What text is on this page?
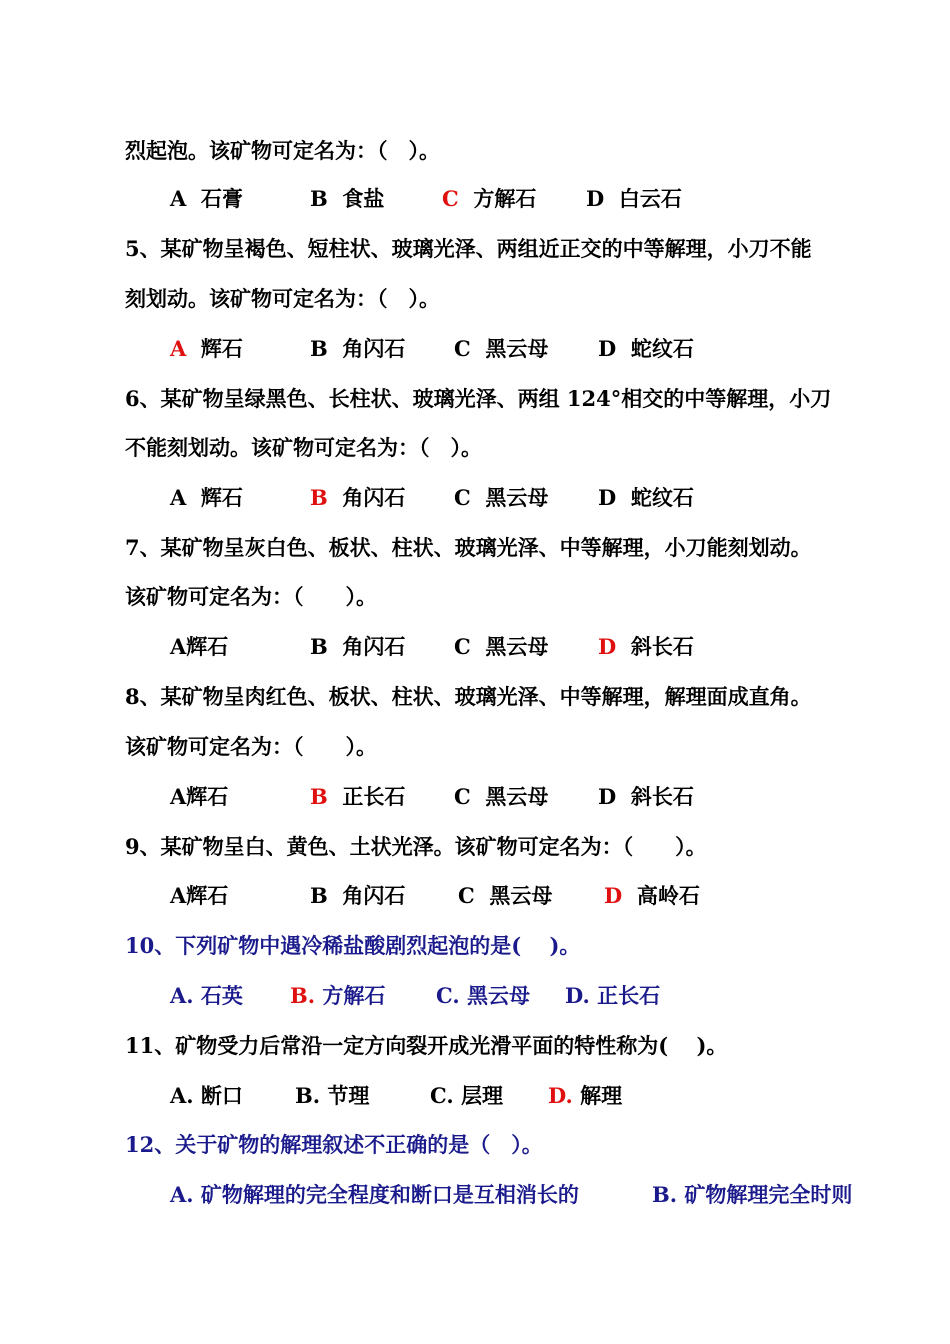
烈起泡。该矿物可定名为：（　）。
A 石膏	B 食盐	C 方解石 D 白云石
5、某矿物呈褐色、短柱状、玻璃光泽、两组近正交的中等解理，小刀不能
刻划动。该矿物可定名为：（　）。
A 辉石	B 角闪石 C 黑云母 D 蛇纹石
6、某矿物呈绿黑色、长柱状、玻璃光泽、两组 124°相交的中等解理，小刀
不能刻划动。该矿物可定名为：（　）。
A 辉石	B 角闪石 C 黑云母 D 蛇纹石
7、某矿物呈灰白色、板状、柱状、玻璃光泽、中等解理，小刀能刻划动。
该矿物可定名为：（　　）。
A辉石	B 角闪石 C 黑云母 D 斜长石
8、某矿物呈肉红色、板状、柱状、玻璃光泽、中等解理，解理面成直角。
该矿物可定名为：（　　）。
A辉石	B 正长石 C 黑云母 D 斜长石
9、某矿物呈白、黄色、土状光泽。该矿物可定名为：（　　）。
A辉石	B 角闪石	C 黑云母 D 高岭石
10、下列矿物中遇冷稀盐酸剧烈起泡的是(　 )。
A. 石英 B. 方解石 C. 黑云母 D. 正长石
11、矿物受力后常沿一定方向裂开成光滑平面的特性称为(　 )。
A. 断口 B. 节理	C. 层理 D. 解理
12、关于矿物的解理叙述不正确的是（　）。
A. 矿物解理的完全程度和断口是互相消长的	B. 矿物解理完全时则
